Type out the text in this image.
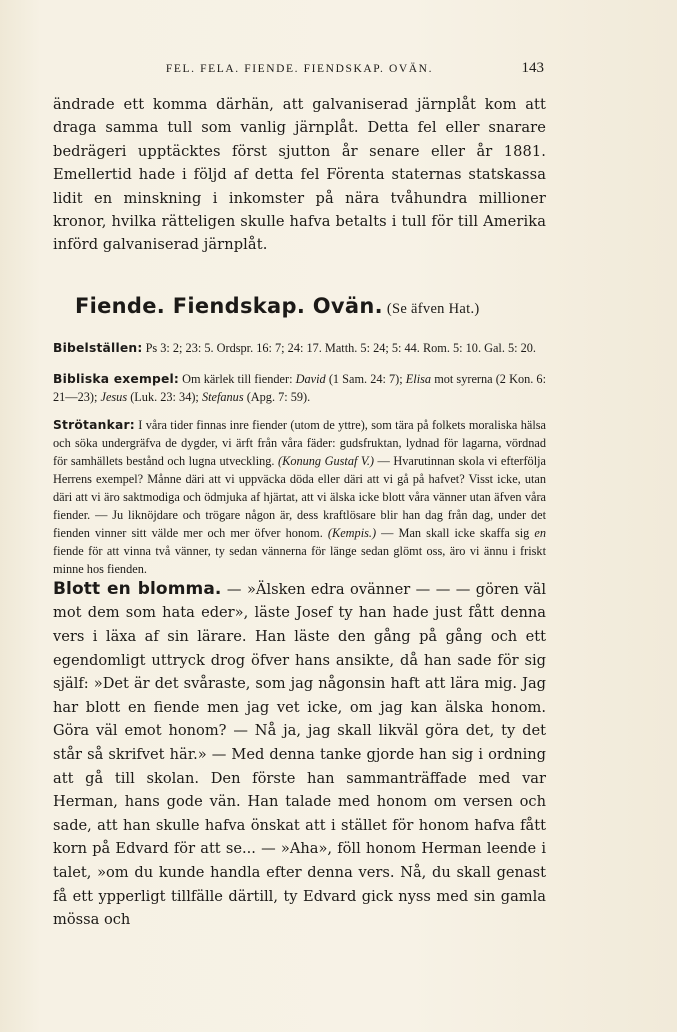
FEL. FELA. FIENDE. FIENDSKAP. OVÄN.	143

ändrade ett komma därhän, att galvaniserad järnplåt kom att draga samma tull som vanlig järnplåt. Detta fel eller snarare bedrägeri upptäcktes först sjutton år senare eller år 1881. Emellertid hade i följd af detta fel Förenta staternas statskassa lidit en minskning i inkomster på nära tvåhundra millioner kronor, hvilka rätteligen skulle hafva betalts i tull för till Amerika införd galvaniserad järnplåt.

Fiende. Fiendskap. Ovän. (Se äfven Hat.)

Bibelställen: Ps 3: 2; 23: 5. Ordspr. 16: 7; 24: 17. Matth. 5: 24; 5: 44. Rom. 5: 10. Gal. 5: 20.

Bibliska exempel: Om kärlek till fiender: David (1 Sam. 24: 7); Elisa mot syrerna (2 Kon. 6: 21—23); Jesus (Luk. 23: 34); Stefanus (Apg. 7: 59).

Strötankar: I våra tider finnas inre fiender (utom de yttre), som tära på folkets moraliska hälsa och söka undergräfva de dygder, vi ärft från våra fäder: gudsfruktan, lydnad för lagarna, vördnad för samhällets bestånd och lugna utveckling. (Konung Gustaf V.) — Hvarutinnan skola vi efterfölja Herrens exempel? Månne däri att vi uppväcka döda eller däri att vi gå på hafvet? Visst icke, utan däri att vi äro saktmodiga och ödmjuka af hjärtat, att vi älska icke blott våra vänner utan äfven våra fiender. — Ju liknöjdare och trögare någon är, dess kraftlösare blir han dag från dag, under det fienden vinner sitt välde mer och mer öfver honom. (Kempis.) — Man skall icke skaffa sig en fiende för att vinna två vänner, ty sedan vännerna för länge sedan glömt oss, äro vi ännu i friskt minne hos fienden.

Blott en blomma. — »Älsken edra ovänner — — — gören väl mot dem som hata eder», läste Josef ty han hade just fått denna vers i läxa af sin lärare. Han läste den gång på gång och ett egendomligt uttryck drog öfver hans ansikte, då han sade för sig själf: »Det är det svåraste, som jag någonsin haft att lära mig. Jag har blott en fiende men jag vet icke, om jag kan älska honom. Göra väl emot honom? — Nå ja, jag skall likväl göra det, ty det står så skrifvet här.» — Med denna tanke gjorde han sig i ordning att gå till skolan. Den förste han sammanträffade med var Herman, hans gode vän. Han talade med honom om versen och sade, att han skulle hafva önskat att i stället för honom hafva fått korn på Edvard för att se... — »Aha», föll honom Herman leende i talet, »om du kunde handla efter denna vers. Nå, du skall genast få ett ypperligt tillfälle därtill, ty Edvard gick nyss med sin gamla mössa och
